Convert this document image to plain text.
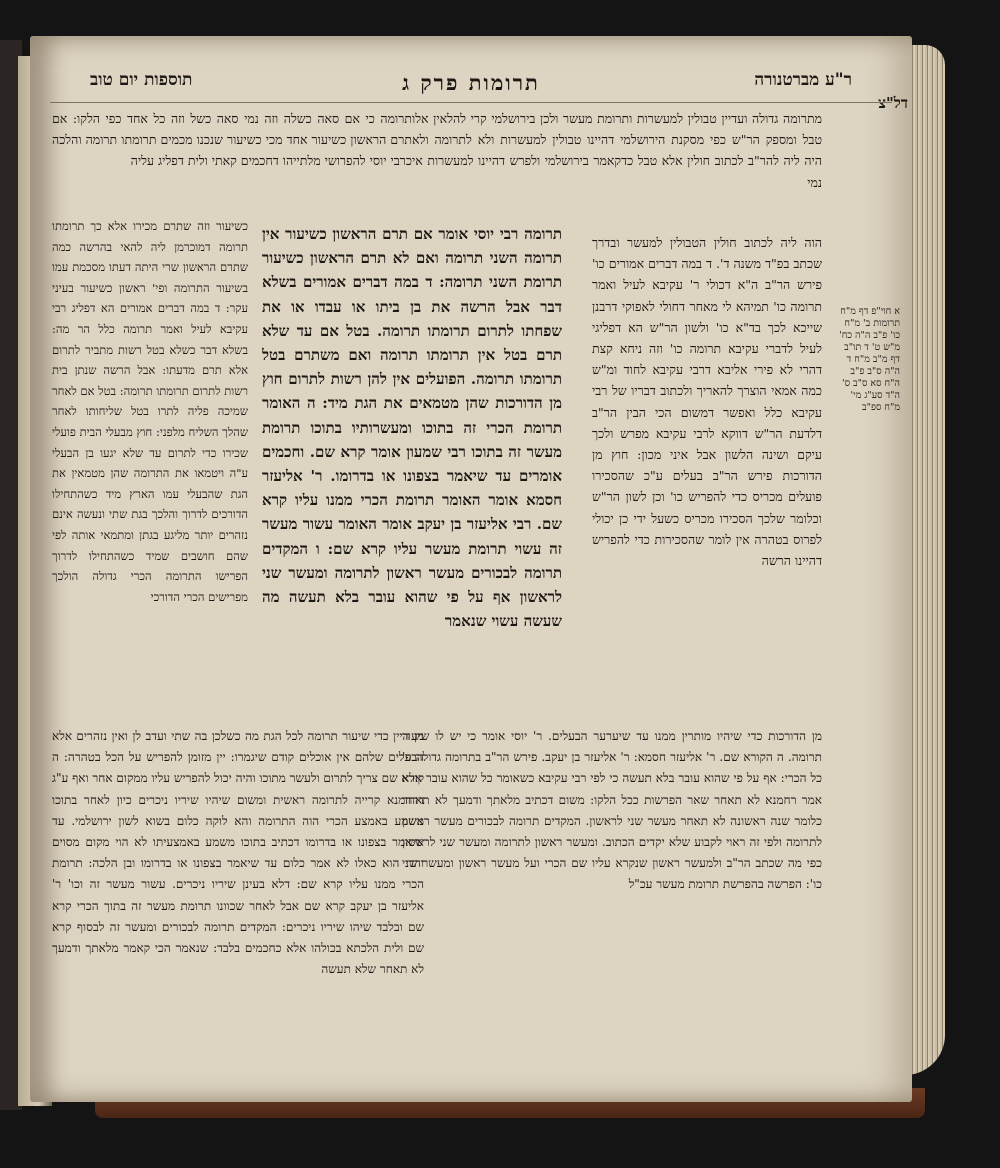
ר"ע מברטנורה
תרומות פרק ג
תוספות יום טוב
דל"צ

מתרומה גדולה ועדיין טבולין למעשרות ותרומת מעשר ולכן בירושלמי קרי להלאין אלו טבל ומספק הר"ש כפי מסקנת הירושלמי דהיינו טבולין למעשרות ולא לתרומה ולא היה ליה להר"ב לכתוב חולין אלא טבל כדקאמר בירושלמי ולפרש דהיינו למעשרות אי נמי

תרומה כי אם סאה כשלה וזה נמי סאה כשל וזה כל אחד כפי הלקו: אם תרם הראשון כשיעור אחד מכי כשיעור שנכנו מכמים תרומתו תרומה והלכה כרבי יוסי להפרושי מלתייהו דחכמים קאתי ולית דפליג עליה

תרומה רבי יוסי אומר אם תרם הראשון כשיעור אין תרומה השני תרומה ואם לא תרם הראשון כשיעור תרומת השני תרומה: ד במה דברים אמורים בשלא דבר אבל הרשה את בן ביתו או עבדו או את שפחתו לתרום תרומתו תרומה. בטל אם עד שלא תרם בטל אין תרומתו תרומה ואם משתרם בטל תרומתו תרומה. הפועלים אין להן רשות לתרום חוץ מן הדורכות שהן מטמאים את הגת מיד: ה האומר תרומת הכרי זה בתוכו ומעשרותיו בתוכו תרומת מעשר זה בתוכו רבי שמעון אומר קרא שם. וחכמים אומרים עד שיאמר בצפונו או בדרומו. ר' אליעזר חסמא אומר האומר תרומת הכרי ממנו עליו קרא שם. רבי אליעזר בן יעקב אומר האומר עשור מעשר זה עשוי תרומת מעשר עליו קרא שם: ו המקדים תרומה לבכורים מעשר ראשון לתרומה ומעשר שני לראשון אף על פי שהוא עובר בלא תעשה מה שעשה עשוי שנאמר

הוה ליה לכתוב חולין הטבולין למעשר ובדרך שכתב בפ"ד משנה ד'. ד במה דברים אמורים כו' פירש הר"ב ה"א דכולי ר' עקיבא לעיל ואמר תרומה כו' תמיהא לי מאחר דחולי לאפוקי דרבנן שייכא לכך בד"א כו' ולשון הר"ש הא דפליגי לעיל לדברי עקיבא תרומה כו' וזה ניחא קצת דהרי לא פירי אליבא דרבי עקיבא לחוד ומ"ש כמה אמאי הוצרך להאריך ולכתוב דבריו של רבי עקיבא כלל ואפשר דמשום הכי הבין הר"ב דלדעת הר"ש דווקא לרבי עקיבא מפרש ולכך עיקם ושינה הלשון אבל איני מכון: חוץ מן הדורכות פירש הר"ב בעלים ע"כ שהסכירו פועלים מכריס כדי להפריש כו' וכן לשון הר"ש וכלומר שלכך הסכירו מכריס כשעל ידי כן יכולי לפרוס בטהרה אין לומר שהסכירות כדי להפריש דהיינו הרשה

כשיעור וזה שתרם מכירו אלא כך תרומתו תרומה דמוכרמן ליה להאי בהרשה כמה שתרם הראשון שרי היתה דעתו מסכמת עמו בשיעור התרומה ופי' ראשון כשיעור בעיני עקר: ד במה דברים אמורים הא דפליג רבי עקיבא לעיל ואמר תרומה כלל הר מה: בשלא דבר כשלא בטל רשות מתביר לתרום אלא תרם מדעתו: אבל הרשה שנתן בית רשות לתרום תרומתו תרומה: בטל אם לאחר שמיכה פליה לתרו בטל שליחותו לאחר שהלך השליח מלפני: חוץ מבעלי הבית פועלי שכירו כדי לתרום עד שלא יגעו בן הבעלי ע"ה ויטמאו את התרומה שהן מטמאין את הגת שהבעלי עמו הארץ מיד כשהתחילו הדורכים לדרוך והלכך בגת שתי ונעשה אינם נזהרים יותר מליגע בגתן ומתמאי אותה לפי שהם חושבים שמיד כשהתחילו לדרוך הפרישו התרומה הכרי גדולה הולכך מפרישים הכרי הדורכי

א חוי"פ דף מ"ח תרומות ב' מ"ח כו' פ"ב ה"ה כח' מ"ש ט' ד תו"ב דף מ"ב מ"ח ד ה"ה ס"ב פ"ב ה"ח סא ס"ב ס' ה"ד סע"ג מי' מ"ח ספ"ב

מן הדורכות כדי שיהיו מותרין ממנו עד שיערער הבעלים. ר' יוסי אומר כי יש לו שיעור תרומה. ה הקורא שם. ר' אליעזר חסמא: ר' אליעזר בן יעקב. פירש הר"ב בתרומה גדולה פ' כל הכרי: אף על פי שהוא עובר בלא תעשה כי לפי רבי עקיבא כשאומר כל שהוא עובר אלא אמר רחמנא לא תאחר שאר הפרשות ככל הלקו: משום דכתיב מלאתך ודמעך לא תאחר כלומר שנה ראשונה לא תאחר מעשר שני לראשון. המקדים תרומה לבכורים מעשר ראשון לתרומה ולפי זה ראוי לקבוע שלא יקדים הכתוב. ומעשר ראשון לתרומה ומעשר שני לראשון כפי מה שכתב הר"ב ולמעשר ראשון שנקרא עליו שם הכרי ועל מעשר ראשון ומעשר שני כו': הפרשה בהפרשת תרומת מעשר עכ"ל

מן היין כדי שיעור תרומה לכל הגת מה כשלכן בה שתי ועדב לן ואין נזהרים אלא הבעלים שלהם אין אוכלים קודם שיגמרו: יין מזומן להפריש על הכל בטהרה: ה קורא שם צריך לתרום ולעשר מתוכו והיה יכול להפריש עליו ממקום אחר ואף ע"ג דרחמנא קרייה לתרומה ראשית ומשום שיהיו שיריו ניכרים כיון לאחר בתוכו משמע באמצע הכרי הוה התרומה והא לוקה כלום בשוא לשון ירושלמי. עד שיאמר בצפונו או בדרומו דכתיב בתוכו משמע באמצעיתו לא הוי מקום מסוים והרי הוא כאלו לא אמר כלום עד שיאמר בצפונו או בדרומו ובן הלכה: תרומת הכרי ממנו עליו קרא שם: דלא בעינן שיריו ניכרים. עשור מעשר זה וכו' ר' אליעזר בן יעקב קרא שם אבל לאחר שכוונו תרומת מעשר זה בתוך הכרי קרא שם ובלבד שיהו שיריו ניכרים: המקדים תרומה לבכורים ומעשר זה לבסוף קרא שם ולית הלכתא בכולהו אלא כחכמים בלבד: שנאמר הכי קאמר מלאתך ודמעך לא תאחר שלא תעשה
